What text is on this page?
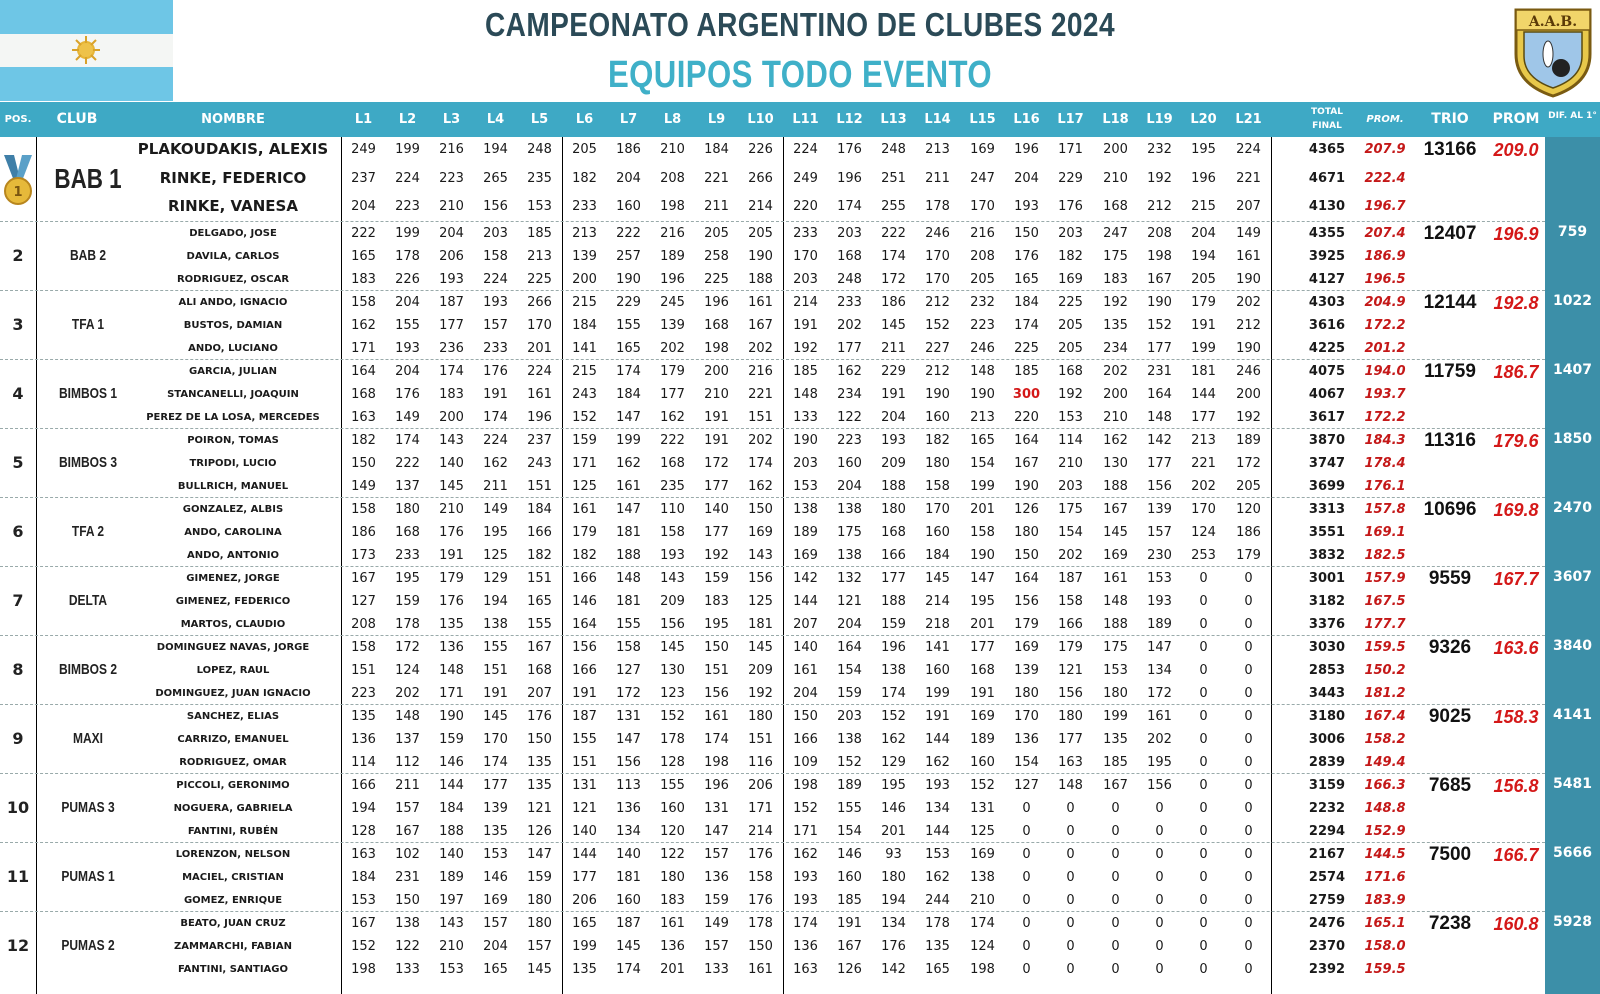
CAMPEONATO ARGENTINO DE CLUBES 2024
EQUIPOS TODO EVENTO
A.A.B.
POS.	CLUB	NOMBRE	TOTAL
FINAL
PROM.	TRIO	PROM DIF. AL 1°
L1	L2	L3	L4	L5	L6	L7	L8	L9	L10	L11	L12	L13	L14	L15	L16	L17	L18	L19	L20	L21
BAB 1
13166 209.0
PLAKOUDAKIS, ALEXIS	249	199	216	194	248	205	186	210	184	226	224	176	248	213	169	196	171	200	232	195	224	4365	207.9
RINKE, FEDERICO	237	224	223	265	235	182	204	208	221	266	249	196	251	211	247	204	229	210	192	196	221	4671	222.4
RINKE, VANESA	204	223	210	156	153	233	160	198	211	214	220	174	255	178	170	193	176	168	212	215	207	4130	196.7
2	BAB 2
12407 196.9	759
DELGADO, JOSE	222	199	204	203	185	213	222	216	205	205	233	203	222	246	216	150	203	247	208	204	149	4355	207.4
DAVILA, CARLOS	165	178	206	158	213	139	257	189	258	190	170	168	174	170	208	176	182	175	198	194	161	3925	186.9
RODRIGUEZ, OSCAR	183	226	193	224	225	200	190	196	225	188	203	248	172	170	205	165	169	183	167	205	190	4127	196.5
3	TFA 1
12144 192.8	1022
ALI ANDO, IGNACIO	158	204	187	193	266	215	229	245	196	161	214	233	186	212	232	184	225	192	190	179	202	4303	204.9
BUSTOS, DAMIAN	162	155	177	157	170	184	155	139	168	167	191	202	145	152	223	174	205	135	152	191	212	3616	172.2
ANDO, LUCIANO	171	193	236	233	201	141	165	202	198	202	192	177	211	227	246	225	205	234	177	199	190	4225	201.2
4	BIMBOS 1
11759 186.7	1407
GARCIA, JULIAN	164	204	174	176	224	215	174	179	200	216	185	162	229	212	148	185	168	202	231	181	246	4075	194.0
STANCANELLI, JOAQUIN	168	176	183	191	161	243	184	177	210	221	148	234	191	190	190	300	192	200	164	144	200	4067	193.7
PEREZ DE LA LOSA, MERCEDES	163	149	200	174	196	152	147	162	191	151	133	122	204	160	213	220	153	210	148	177	192	3617	172.2
5	BIMBOS 3
11316 179.6	1850
POIRON, TOMAS	182	174	143	224	237	159	199	222	191	202	190	223	193	182	165	164	114	162	142	213	189	3870	184.3
TRIPODI, LUCIO	150	222	140	162	243	171	162	168	172	174	203	160	209	180	154	167	210	130	177	221	172	3747	178.4
BULLRICH, MANUEL	149	137	145	211	151	125	161	235	177	162	153	204	188	158	199	190	203	188	156	202	205	3699	176.1
6	TFA 2
10696 169.8	2470
GONZALEZ, ALBIS	158	180	210	149	184	161	147	110	140	150	138	138	180	170	201	126	175	167	139	170	120	3313	157.8
ANDO, CAROLINA	186	168	176	195	166	179	181	158	177	169	189	175	168	160	158	180	154	145	157	124	186	3551	169.1
ANDO, ANTONIO	173	233	191	125	182	182	188	193	192	143	169	138	166	184	190	150	202	169	230	253	179	3832	182.5
7	DELTA
9559	167.7	3607
GIMENEZ, JORGE	167	195	179	129	151	166	148	143	159	156	142	132	177	145	147	164	187	161	153	0	0	3001	157.9
GIMENEZ, FEDERICO	127	159	176	194	165	146	181	209	183	125	144	121	188	214	195	156	158	148	193	0	0	3182	167.5
MARTOS, CLAUDIO	208	178	135	138	155	164	155	156	195	181	207	204	159	218	201	179	166	188	189	0	0	3376	177.7
8	BIMBOS 2
9326	163.6	3840
DOMINGUEZ NAVAS, JORGE	158	172	136	155	167	156	158	145	150	145	140	164	196	141	177	169	179	175	147	0	0	3030	159.5
LOPEZ, RAUL	151	124	148	151	168	166	127	130	151	209	161	154	138	160	168	139	121	153	134	0	0	2853	150.2
DOMINGUEZ, JUAN IGNACIO	223	202	171	191	207	191	172	123	156	192	204	159	174	199	191	180	156	180	172	0	0	3443	181.2
9	MAXI
9025	158.3	4141
SANCHEZ, ELIAS	135	148	190	145	176	187	131	152	161	180	150	203	152	191	169	170	180	199	161	0	0	3180	167.4
CARRIZO, EMANUEL	136	137	159	170	150	155	147	178	174	151	166	138	162	144	189	136	177	135	202	0	0	3006	158.2
RODRIGUEZ, OMAR	114	112	146	174	135	151	156	128	198	116	109	152	129	162	160	154	163	185	195	0	0	2839	149.4
10	PUMAS 3
7685	156.8	5481
PICCOLI, GERONIMO	166	211	144	177	135	131	113	155	196	206	198	189	195	193	152	127	148	167	156	0	0	3159	166.3
NOGUERA, GABRIELA	194	157	184	139	121	121	136	160	131	171	152	155	146	134	131	0	0	0	0	0	0	2232	148.8
FANTINI, RUBÉN	128	167	188	135	126	140	134	120	147	214	171	154	201	144	125	0	0	0	0	0	0	2294	152.9
11	PUMAS 1
7500	166.7	5666
LORENZON, NELSON	163	102	140	153	147	144	140	122	157	176	162	146	93	153	169	0	0	0	0	0	0	2167	144.5
MACIEL, CRISTIAN	184	231	189	146	159	177	181	180	136	158	193	160	180	162	138	0	0	0	0	0	0	2574	171.6
GOMEZ, ENRIQUE	153	150	197	169	180	206	160	183	159	176	193	185	194	244	210	0	0	0	0	0	0	2759	183.9
12	PUMAS 2
7238	160.8	5928
BEATO, JUAN CRUZ	167	138	143	157	180	165	187	161	149	178	174	191	134	178	174	0	0	0	0	0	0	2476	165.1
ZAMMARCHI, FABIAN	152	122	210	204	157	199	145	136	157	150	136	167	176	135	124	0	0	0	0	0	0	2370	158.0
FANTINI, SANTIAGO	198	133	153	165	145	135	174	201	133	161	163	126	142	165	198	0	0	0	0	0	0	2392	159.5
1
